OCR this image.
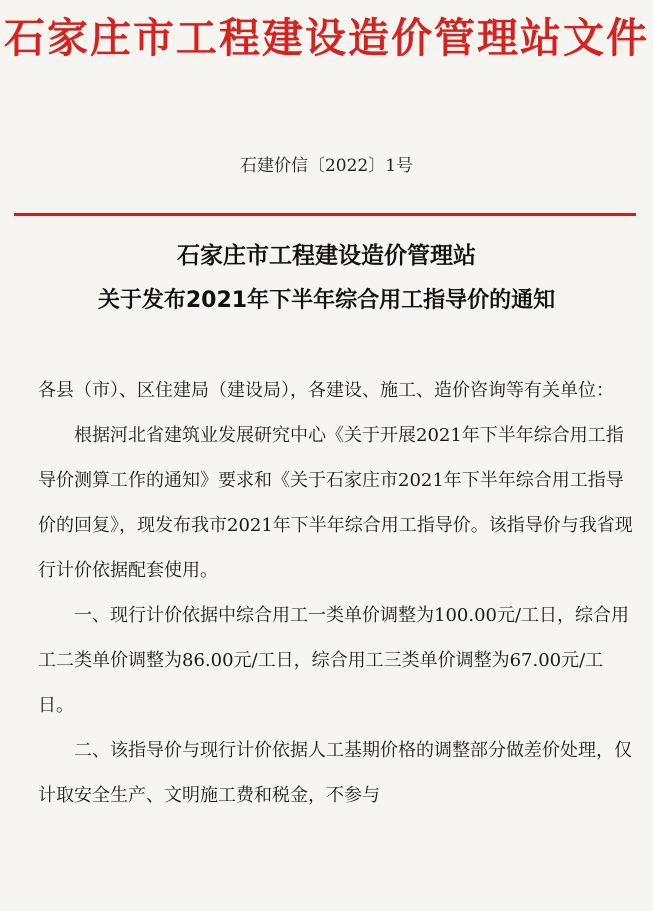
石家庄市工程建设造价管理站文件
石建价信〔2022〕1号
石家庄市工程建设造价管理站
关于发布2021年下半年综合用工指导价的通知

各县（市）、区住建局（建设局），各建设、施工、造价咨询等有关单位：

根据河北省建筑业发展研究中心《关于开展2021年下半年综合用工指导价测算工作的通知》要求和《关于石家庄市2021年下半年综合用工指导价的回复》，现发布我市2021年下半年综合用工指导价。该指导价与我省现行计价依据配套使用。

一、现行计价依据中综合用工一类单价调整为100.00元/工日，综合用工二类单价调整为86.00元/工日，综合用工三类单价调整为67.00元/工日。

二、该指导价与现行计价依据人工基期价格的调整部分做差价处理，仅计取安全生产、文明施工费和税金，不参与
